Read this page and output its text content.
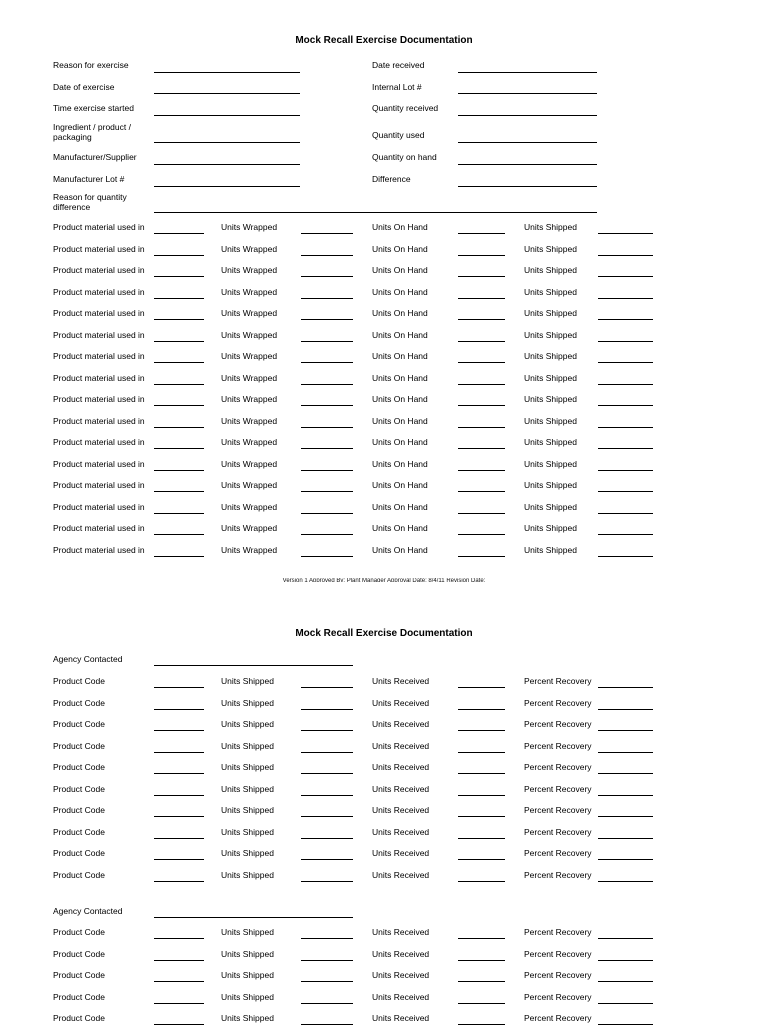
Mock Recall Exercise Documentation
Reason for exercise
Date of exercise
Time exercise started
Ingredient / product / packaging
Manufacturer/Supplier
Manufacturer Lot #
Date received
Internal Lot #
Quantity received
Quantity used
Quantity on hand
Difference
Reason for quantity difference
Product material used in	Units Wrapped	Units On Hand	Units Shipped
Product material used in	Units Wrapped	Units On Hand	Units Shipped
Product material used in	Units Wrapped	Units On Hand	Units Shipped
Product material used in	Units Wrapped	Units On Hand	Units Shipped
Product material used in	Units Wrapped	Units On Hand	Units Shipped
Product material used in	Units Wrapped	Units On Hand	Units Shipped
Product material used in	Units Wrapped	Units On Hand	Units Shipped
Product material used in	Units Wrapped	Units On Hand	Units Shipped
Product material used in	Units Wrapped	Units On Hand	Units Shipped
Product material used in	Units Wrapped	Units On Hand	Units Shipped
Product material used in	Units Wrapped	Units On Hand	Units Shipped
Product material used in	Units Wrapped	Units On Hand	Units Shipped
Product material used in	Units Wrapped	Units On Hand	Units Shipped
Product material used in	Units Wrapped	Units On Hand	Units Shipped
Product material used in	Units Wrapped	Units On Hand	Units Shipped
Product material used in	Units Wrapped	Units On Hand	Units Shipped
Version 1 Approved By: Plant Manager Approval Date: 8/4/11 Revision Date:
Mock Recall Exercise Documentation
Agency Contacted
Product Code	Units Shipped	Units Received	Percent Recovery
Product Code	Units Shipped	Units Received	Percent Recovery
Product Code	Units Shipped	Units Received	Percent Recovery
Product Code	Units Shipped	Units Received	Percent Recovery
Product Code	Units Shipped	Units Received	Percent Recovery
Product Code	Units Shipped	Units Received	Percent Recovery
Product Code	Units Shipped	Units Received	Percent Recovery
Product Code	Units Shipped	Units Received	Percent Recovery
Product Code	Units Shipped	Units Received	Percent Recovery
Product Code	Units Shipped	Units Received	Percent Recovery
Agency Contacted
Product Code	Units Shipped	Units Received	Percent Recovery
Product Code	Units Shipped	Units Received	Percent Recovery
Product Code	Units Shipped	Units Received	Percent Recovery
Product Code	Units Shipped	Units Received	Percent Recovery
Product Code	Units Shipped	Units Received	Percent Recovery
